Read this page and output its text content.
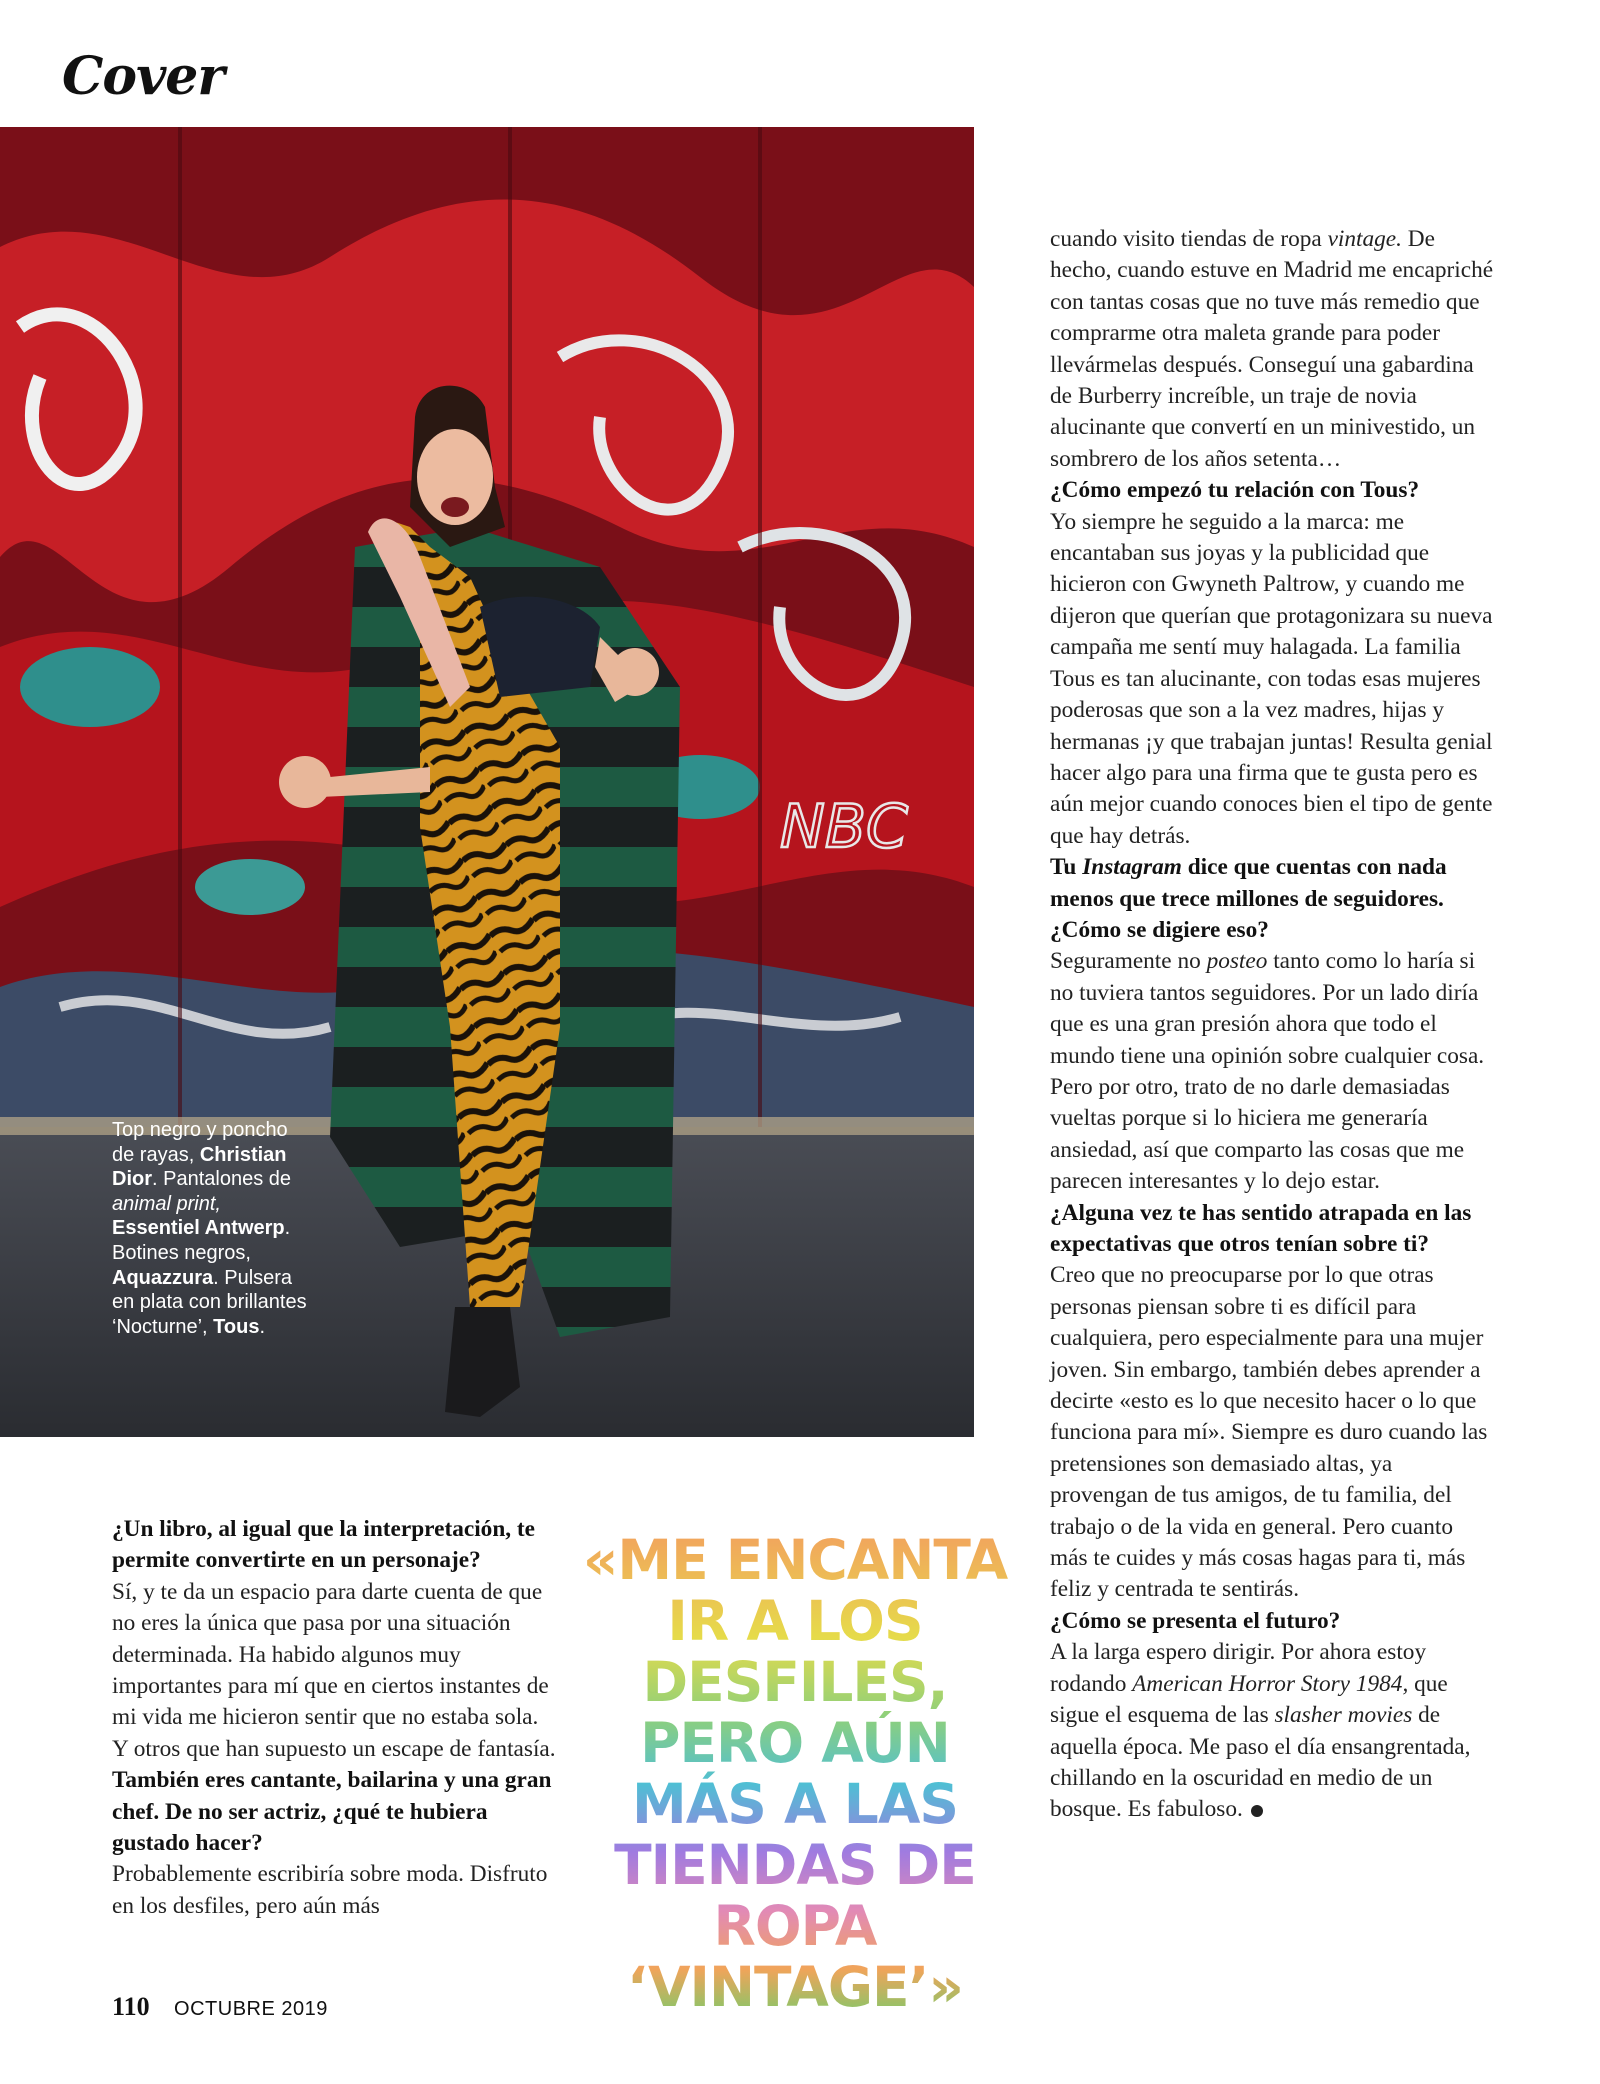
Cover
NBC
Top negro y poncho de rayas, Christian Dior. Pantalones de animal print, Essentiel Antwerp. Botines negros, Aquazzura. Pulsera en plata con brillantes ‘Nocturne’, Tous.
cuando visito tiendas de ropa vintage. De hecho, cuando estuve en Madrid me encapriché con tantas cosas que no tuve más remedio que comprarme otra maleta grande para poder llevármelas después. Conseguí una gabardina de Burberry increíble, un traje de novia alucinante que convertí en un minivestido, un sombrero de los años setenta…
¿Cómo empezó tu relación con Tous?
Yo siempre he seguido a la marca: me encantaban sus joyas y la publicidad que hicieron con Gwyneth Paltrow, y cuando me dijeron que querían que protagonizara su nueva campaña me sentí muy halagada. La familia Tous es tan alucinante, con todas esas mujeres poderosas que son a la vez madres, hijas y hermanas ¡y que trabajan juntas! Resulta genial hacer algo para una firma que te gusta pero es aún mejor cuando conoces bien el tipo de gente que hay detrás.
Tu Instagram dice que cuentas con nada menos que trece millones de seguidores. ¿Cómo se digiere eso?
Seguramente no posteo tanto como lo haría si no tuviera tantos seguidores. Por un lado diría que es una gran presión ahora que todo el mundo tiene una opinión sobre cualquier cosa. Pero por otro, trato de no darle demasiadas vueltas porque si lo hiciera me generaría ansiedad, así que comparto las cosas que me parecen interesantes y lo dejo estar.
¿Alguna vez te has sentido atrapada en las expectativas que otros tenían sobre ti?
Creo que no preocuparse por lo que otras personas piensan sobre ti es difícil para cualquiera, pero especialmente para una mujer joven. Sin embargo, también debes aprender a decirte «esto es lo que necesito hacer o lo que funciona para mí». Siempre es duro cuando las pretensiones son demasiado altas, ya provengan de tus amigos, de tu familia, del trabajo o de la vida en general. Pero cuanto más te cuides y más cosas hagas para ti, más feliz y centrada te sentirás.
¿Cómo se presenta el futuro?
A la larga espero dirigir. Por ahora estoy rodando American Horror Story 1984, que sigue el esquema de las slasher movies de aquella época. Me paso el día ensangrentada, chillando en la oscuridad en medio de un bosque. Es fabuloso.
¿Un libro, al igual que la interpretación, te permite convertirte en un personaje?
Sí, y te da un espacio para darte cuenta de que no eres la única que pasa por una situación determinada. Ha habido algunos muy importantes para mí que en ciertos instantes de mi vida me hicieron sentir que no estaba sola. Y otros que han supuesto un escape de fantasía.
También eres cantante, bailarina y una gran chef. De no ser actriz, ¿qué te hubiera gustado hacer?
Probablemente escribiría sobre moda. Disfruto en los desfiles, pero aún más
«ME ENCANTA IR A LOS DESFILES, PERO AÚN MÁS A LAS TIENDAS DE ROPA ‘VINTAGE’»
110 OCTUBRE 2019
